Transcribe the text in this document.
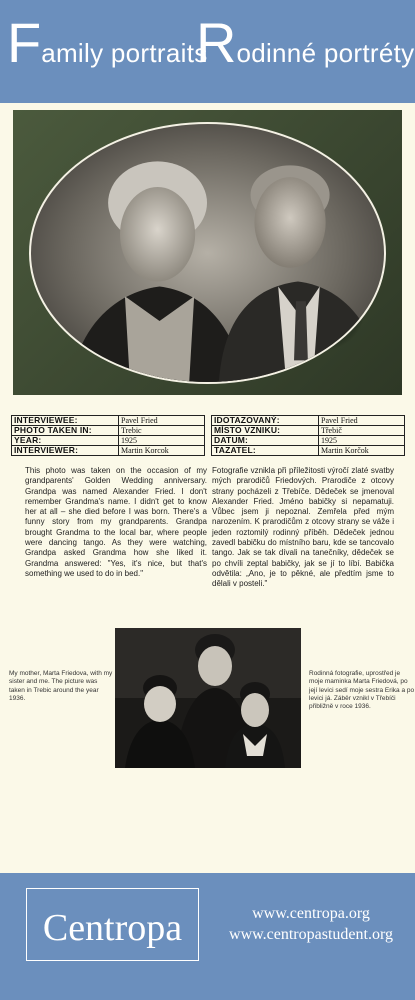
Family portraits
Rodinné portréty
INTERVIEWEE:	Pavel Fried
PHOTO TAKEN IN:	Trebic
YEAR:	1925
INTERVIEWER:	Martin Korcok
IDOTAZOVANÝ:	Pavel Fried
MÍSTO VZNIKU:	Třebič
DATUM:	1925
TAZATEL:	Martin Korčok

This photo was taken on the occasion of my grandparents' Golden Wedding anniversary. Grandpa was named Alexander Fried. I don't remember Grandma's name. I didn't get to know her at all – she died before I was born. There's a funny story from my grandparents. Grandpa brought Grandma to the local bar, where people were dancing tango. As they were watching, Grandpa asked Grandma how she liked it. Grandma answered: "Yes, it's nice, but that's something we used to do in bed."

Fotografie vznikla při příležitosti výročí zlaté svatby mých prarodičů Friedových. Prarodiče z otcovy strany pocházeli z Třebíče. Dědeček se jmenoval Alexander Fried. Jméno babičky si nepamatuji. Vůbec jsem ji nepoznal. Zemřela před mým narozením. K prarodičům z otcovy strany se váže i jeden roztomilý rodinný příběh. Dědeček jednou zavedl babičku do místního baru, kde se tancovalo tango. Jak se tak dívali na tanečníky, dědeček se po chvíli zeptal babičky, jak se jí to líbí. Babička odvětila: „Ano, je to pěkné, ale předtím jsme to dělali v posteli."

My mother, Marta Friedova, with my sister and me. The picture was taken in Trebic around the year 1936.

Rodinná fotografie, uprostřed je moje maminka Marta Friedová, po její levici sedí moje sestra Erika a po levici já. Záběr vznikl v Třebíči přibližně v roce 1936.

Centropa	www.centropa.org
www.centropastudent.org
